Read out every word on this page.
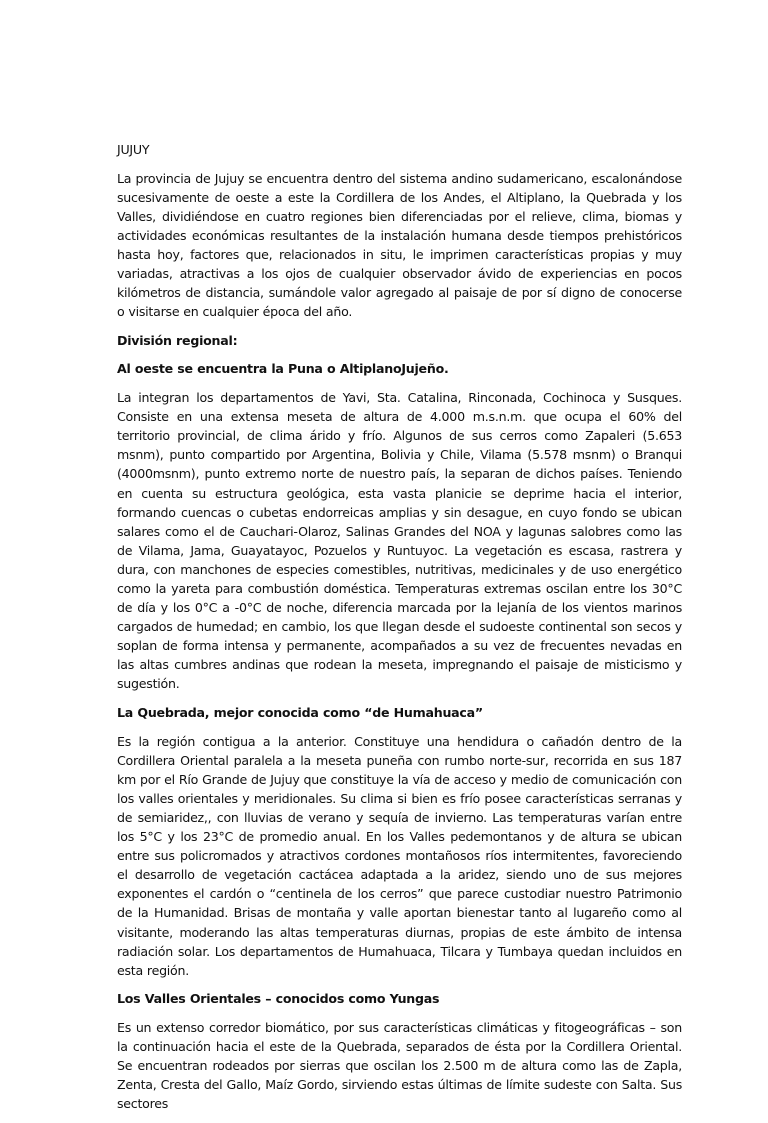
JUJUY

La provincia de Jujuy se encuentra dentro del sistema andino sudamericano, escalonándose sucesivamente de oeste a este la Cordillera de los Andes, el Altiplano, la Quebrada y los Valles, dividiéndose en cuatro regiones bien diferenciadas por el relieve, clima, biomas y actividades económicas resultantes de la instalación humana desde tiempos prehistóricos hasta hoy, factores que, relacionados in situ, le imprimen características propias y muy variadas, atractivas a los ojos de cualquier observador ávido de experiencias en pocos kilómetros de distancia, sumándole valor agregado al paisaje de por sí digno de conocerse o visitarse en cualquier época del año.

División regional:

Al oeste se encuentra la Puna o AltiplanoJujeño.

La integran los departamentos de Yavi, Sta. Catalina, Rinconada, Cochinoca y Susques. Consiste en una extensa meseta de altura de 4.000 m.s.n.m. que ocupa el 60% del territorio provincial, de clima árido y frío. Algunos de sus cerros como Zapaleri (5.653 msnm), punto compartido por Argentina, Bolivia y Chile, Vilama (5.578 msnm) o Branqui (4000msnm), punto extremo norte de nuestro país, la separan de dichos países. Teniendo en cuenta su estructura geológica, esta vasta planicie se deprime hacia el interior, formando cuencas o cubetas endorreicas amplias y sin desague, en cuyo fondo se ubican salares como el de Cauchari-Olaroz, Salinas Grandes del NOA y lagunas salobres como las de Vilama, Jama, Guayatayoc, Pozuelos y Runtuyoc. La vegetación es escasa, rastrera y dura, con manchones de especies comestibles, nutritivas, medicinales y de uso energético como la yareta para combustión doméstica. Temperaturas extremas oscilan entre los 30°C de día y los 0°C a -0°C de noche, diferencia marcada por la lejanía de los vientos marinos cargados de humedad; en cambio, los que llegan desde el sudoeste continental son secos y soplan de forma intensa y permanente, acompañados a su vez de frecuentes nevadas en las altas cumbres andinas que rodean la meseta, impregnando el paisaje de misticismo y sugestión.

La Quebrada, mejor conocida como “de Humahuaca”

Es la región contigua a la anterior. Constituye una hendidura o cañadón dentro de la Cordillera Oriental paralela a la meseta puneña con rumbo norte-sur, recorrida en sus 187 km por el Río Grande de Jujuy que constituye la vía de acceso y medio de comunicación con los valles orientales y meridionales. Su clima si bien es frío posee características serranas y de semiaridez,, con lluvias de verano y sequía de invierno. Las temperaturas varían entre los 5°C y los 23°C de promedio anual. En los Valles pedemontanos y de altura se ubican entre sus policromados y atractivos cordones montañosos ríos intermitentes, favoreciendo el desarrollo de vegetación cactácea adaptada a la aridez, siendo uno de sus mejores exponentes el cardón o “centinela de los cerros” que parece custodiar nuestro Patrimonio de la Humanidad. Brisas de montaña y valle aportan bienestar tanto al lugareño como al visitante, moderando las altas temperaturas diurnas, propias de este ámbito de intensa radiación solar. Los departamentos de Humahuaca, Tilcara y Tumbaya quedan incluidos en esta región.

Los Valles Orientales – conocidos como Yungas

Es un extenso corredor biomático, por sus características climáticas y fitogeográficas – son la continuación hacia el este de la Quebrada, separados de ésta por la Cordillera Oriental. Se encuentran rodeados por sierras que oscilan los 2.500 m de altura como las de Zapla, Zenta, Cresta del Gallo, Maíz Gordo, sirviendo estas últimas de límite sudeste con Salta. Sus sectores
